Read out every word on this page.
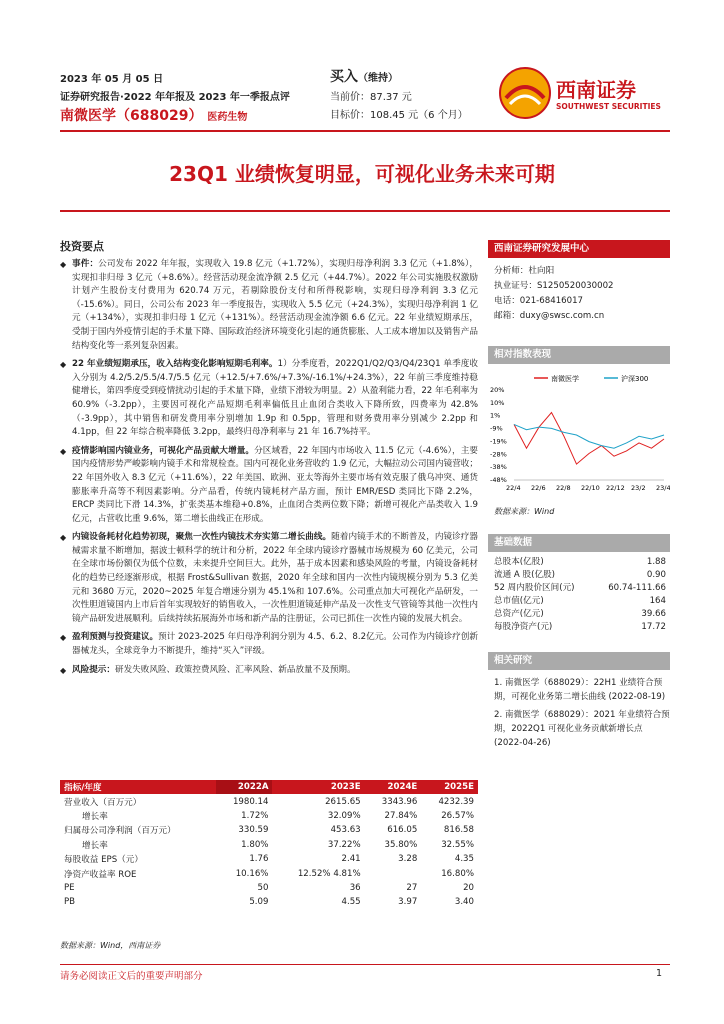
2023 年 05 月 05 日
证券研究报告·2022 年年报及 2023 年一季报点评
南微医学（688029） 医药生物
买入（维持）
当前价：87.37 元
目标价：108.45 元（6 个月）
西南证券
SOUTHWEST SECURITIES
23Q1 业绩恢复明显，可视化业务未来可期
投资要点
◆ 事件：公司发布 2022 年年报，实现收入 19.8 亿元（+1.72%），实现归母净利润 3.3 亿元（+1.8%），实现扣非归母 3 亿元（+8.6%）。经营活动现金流净额 2.5 亿元（+44.7%）。2022 年公司实施股权激励计划产生股份支付费用为 620.74 万元，若剔除股份支付和所得税影响，实现归母净利润 3.3 亿元（-15.6%）。同日，公司公布 2023 年一季度报告，实现收入 5.5 亿元（+24.3%），实现归母净利润 1 亿元（+134%），实现扣非归母 1 亿元（+131%）。经营活动现金流净额 6.6 亿元。22 年业绩短期承压，受制于国内外疫情引起的手术量下降、国际政治经济环境变化引起的通货膨胀、人工成本增加以及销售产品结构变化等一系列复杂因素。
◆ 22 年业绩短期承压，收入结构变化影响短期毛利率。1）分季度看，2022Q1/Q2/Q3/Q4/23Q1 单季度收入分别为 4.2/5.2/5.5/4.7/5.5 亿元（+12.5/+7.6%/+7.3%/-16.1%/+24.3%），22 年前三季度维持稳健增长，第四季度受到疫情扰动引起的手术量下降，业绩下滑较为明显。2）从盈利能力看，22 年毛利率为 60.9%（-3.2pp），主要因可视化产品短期毛利率偏低且止血闭合类收入下降所致，四费率为 42.8%（-3.9pp），其中销售和研发费用率分别增加 1.9p 和 0.5pp，管理和财务费用率分别减少 2.2pp 和 4.1pp，但 22 年综合税率降低 3.2pp，最终归母净利率与 21 年 16.7%持平。
◆ 疫情影响国内镜业务，可视化产品贡献大增量。分区域看，22 年国内市场收入 11.5 亿元（-4.6%），主要国内疫情形势严峻影响内镜手术和常规检查。国内可视化业务营收约 1.9 亿元，大幅拉动公司国内镜营收；22 年国外收入 8.3 亿元（+11.6%），22 年美国、欧洲、亚太等海外主要市场有效克服了俄乌冲突、通货膨胀率升高等不利因素影响。分产品看，传统内镜耗材产品方面，预计 EMR/ESD 类同比下降 2.2%，ERCP 类同比下滑 14.3%，扩张类基本维稳+0.8%，止血闭合类两位数下降；新增可视化产品类收入 1.9 亿元，占营收比重 9.6%，第二增长曲线正在形成。
◆ 内镜设备耗材化趋势初现，聚焦一次性内镜技术夯实第二增长曲线。随着内镜手术的不断普及，内镜诊疗器械需求量不断增加，据波士顿科学的统计和分析，2022 年全球内镜诊疗器械市场规模为 60 亿美元，公司在全球市场份额仅为低个位数，未来提升空间巨大。此外，基于成本因素和感染风险的考量，内镜设备耗材化的趋势已经逐渐形成，根据 Frost&Sullivan 数据，2020 年全球和国内一次性内镜规模分别为 5.3 亿美元和 3680 万元，2020~2025 年复合增速分别为 45.1%和 107.6%。公司重点加大可视化产品研发，一次性胆道镜国内上市后首年实现较好的销售收入，一次性胆道镜延伸产品及一次性支气管镜等其他一次性内镜产品研发进展顺利。后续持续拓展海外市场和新产品的注册证，公司已抓住一次性内镜的发展大机会。
◆ 盈利预测与投资建议。预计 2023-2025 年归母净利润分别为 4.5、6.2、8.2亿元。公司作为内镜诊疗创新器械龙头，全球竞争力不断提升，维持“买入”评级。
◆ 风险提示：研发失败风险、政策控费风险、汇率风险、新品放量不及预期。
西南证券研究发展中心
分析师：杜向阳
执业证号：S1250520030002
电话：021-68416017
邮箱：duxy@swsc.com.cn
相对指数表现
南微医学	沪深300
20%
10%
1%
-9%
-19%
-28%
-38%
-48%
22/4 22/6 22/8 22/10 22/12 23/2 23/4
数据来源：Wind
基础数据
总股本(亿股)	1.88
流通 A 股(亿股)	0.90
52 周内股价区间(元)	60.74-111.66
总市值(亿元)	164
总资产(亿元)	39.66
每股净资产(元)	17.72
相关研究
1. 南微医学（688029）：22H1 业绩符合预期，可视化业务第二增长曲线 (2022-08-19)
2. 南微医学（688029）：2021 年业绩符合预期，2022Q1 可视化业务贡献新增长点 (2022-04-26)
指标/年度	2022A	2023E	2024E	2025E
营业收入（百万元）	1980.14	2615.65	3343.96	4232.39
增长率	1.72%	32.09%	27.84%	26.57%
归属母公司净利润（百万元）	330.59	453.63	616.05	816.58
增长率	1.80%	37.22%	35.80%	32.55%
每股收益 EPS（元）	1.76	2.41	3.28	4.35
净资产收益率 ROE	10.16%	12.52% 4.81%		16.80%
PE	50	36	27	20
PB	5.09	4.55	3.97	3.40
数据来源：Wind，西南证券
请务必阅读正文后的重要声明部分	1
